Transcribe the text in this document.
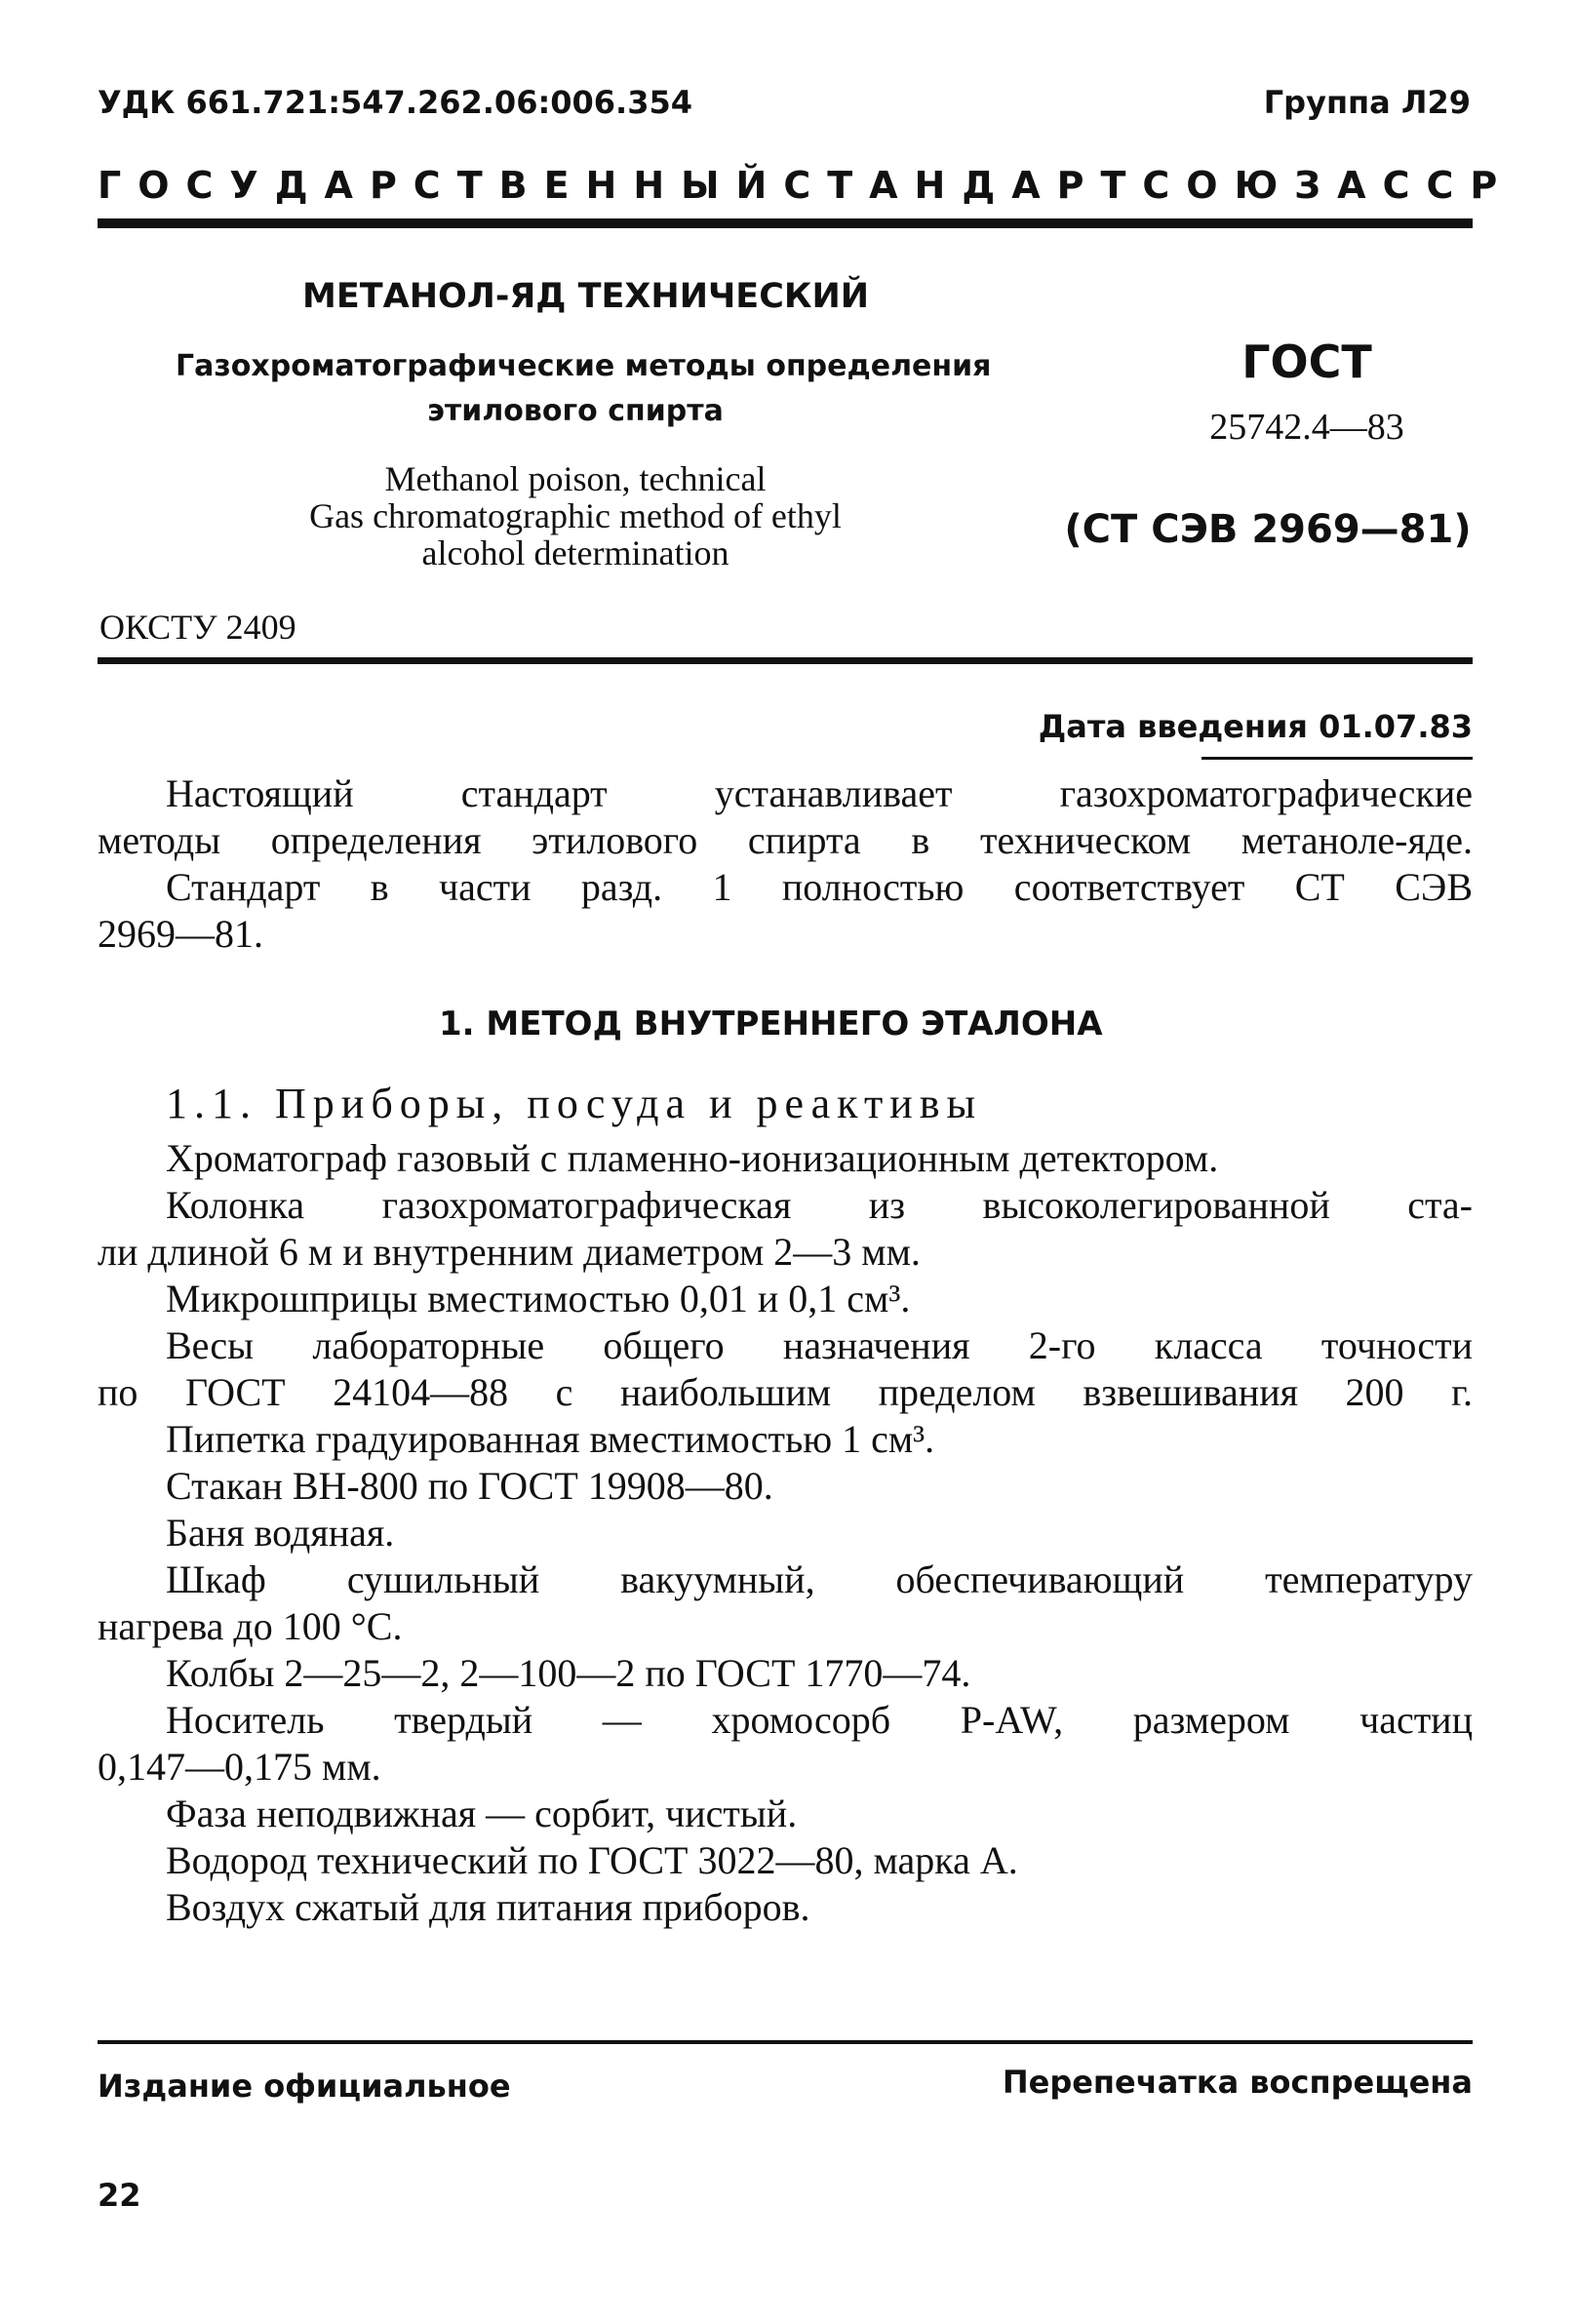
УДК 661.721:547.262.06:006.354	Группа Л29
ГОСУДАРСТВЕННЫЙ СТАНДАРТ СОЮЗА ССР
МЕТАНОЛ-ЯД ТЕХНИЧЕСКИЙ
Газохроматографические методы определения
этилового спирта
Methanol poison, technical
Gas chromatographic method of ethyl
alcohol determination
ГОСТ
25742.4—83
(СТ СЭВ 2969—81)
ОКСТУ 2409
Дата введения 01.07.83
Настоящий стандарт устанавливает газохроматографические
методы определения этилового спирта в техническом метаноле-яде.
Стандарт в части разд. 1 полностью соответствует СТ СЭВ
2969—81.
1. МЕТОД ВНУТРЕННЕГО ЭТАЛОНА
1.1. Приборы, посуда и реактивы
Хроматограф газовый с пламенно-ионизационным детектором.
Колонка газохроматографическая из высоколегированной ста-
ли длиной 6 м и внутренним диаметром 2—3 мм.
Микрошприцы вместимостью 0,01 и 0,1 см³.
Весы лабораторные общего назначения 2-го класса точности
по ГОСТ 24104—88 с наибольшим пределом взвешивания 200 г.
Пипетка градуированная вместимостью 1 см³.
Стакан ВН-800 по ГОСТ 19908—80.
Баня водяная.
Шкаф сушильный вакуумный, обеспечивающий температуру
нагрева до 100 °С.
Колбы 2—25—2, 2—100—2 по ГОСТ 1770—74.
Носитель твердый — хромосорб P-AW, размером частиц
0,147—0,175 мм.
Фаза неподвижная — сорбит, чистый.
Водород технический по ГОСТ 3022—80, марка А.
Воздух сжатый для питания приборов.
Издание официальное	Перепечатка воспрещена
22
